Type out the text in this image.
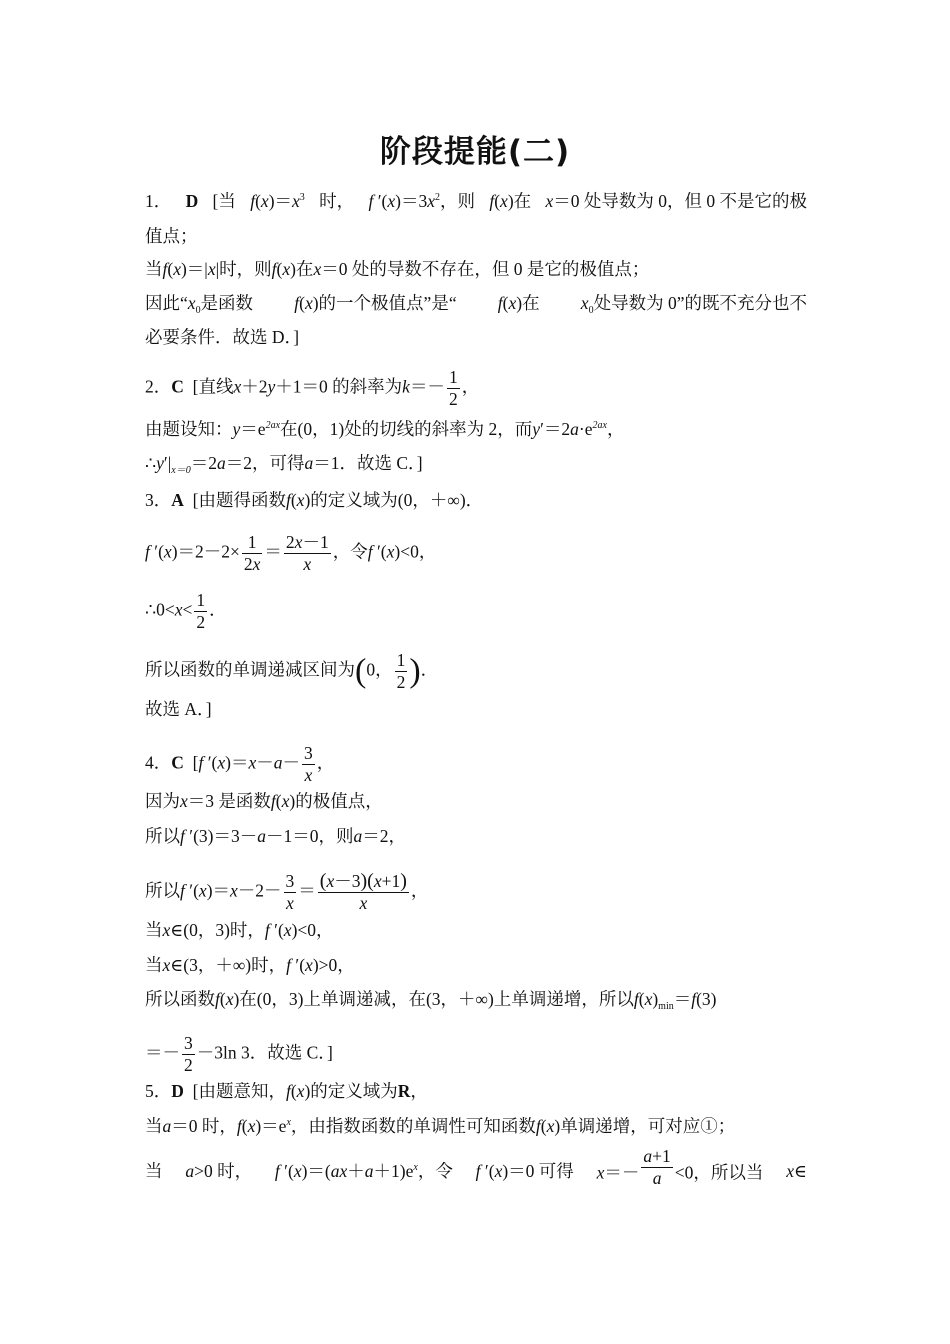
阶段提能(二)
1． D [当 $f(x)=x^3$ 时， f $'(x)=3x^2$，则 f(x)在 x＝0 处导数为 0，但 0 不是它的极
值点；
当f(x)＝|x|时，则f(x)在x＝0 处的导数不存在，但 0 是它的极值点；
因此“$x_0$是函数 f(x)的一个极值点”是“ f(x)在 $x_0$处导数为 0”的既不充分也不
必要条件．故选 D．]
2．C [直线x＋2y＋1＝0 的斜率为$k=- \frac{1}{2}$ ，
由题设知：$y=e^{2ax}$在(0，1)处的切线的斜率为 2，而$y'=2a\cdot e^{2ax}$，
$\therefore y'|_{x=0}=2a=2$，可得a＝1．故选 C．]
3．A [由题得函数f(x)的定义域为(0，＋∞)．
f $'(x)=2-2\times \frac{1}{2x} = \frac{2x-1}{x}$ ，令f ′(x)<0，
∴0<x< $\frac{1}{2}$ ．
所以函数的单调递减区间为(0， $\frac{1}{2}$ )．
故选 A．]
4．C [f $'(x)=x-a- \frac{3}{x}$ ，
因为x＝3 是函数f(x)的极值点，
所以f ′(3)＝3－a－1＝0，则a＝2，
所以f $'(x)=x-2- \frac{3}{x} = \frac{(x-3)(x+1)}{x}$ ，
当x∈(0，3)时，f ′(x)<0，
当x∈(3，＋∞)时，f ′(x)>0，
所以函数f(x)在(0，3)上单调递减，在(3，＋∞)上单调递增，所以$f(x)_{min}=f(3)$
＝－ $\frac{3}{2} -3\ln$ 3．故选 C．]
5．D [由题意知，f(x)的定义域为R，
当a＝0 时，$f(x)=e^x$，由指数函数的单调性可知函数f(x)单调递增，可对应①；
当 a>0 时， f $'(x)=(ax+a+1)e^x$，令 f ′(x)＝0 可得 $x=- \frac{a+1}{a} <0$，所以当 x∈
